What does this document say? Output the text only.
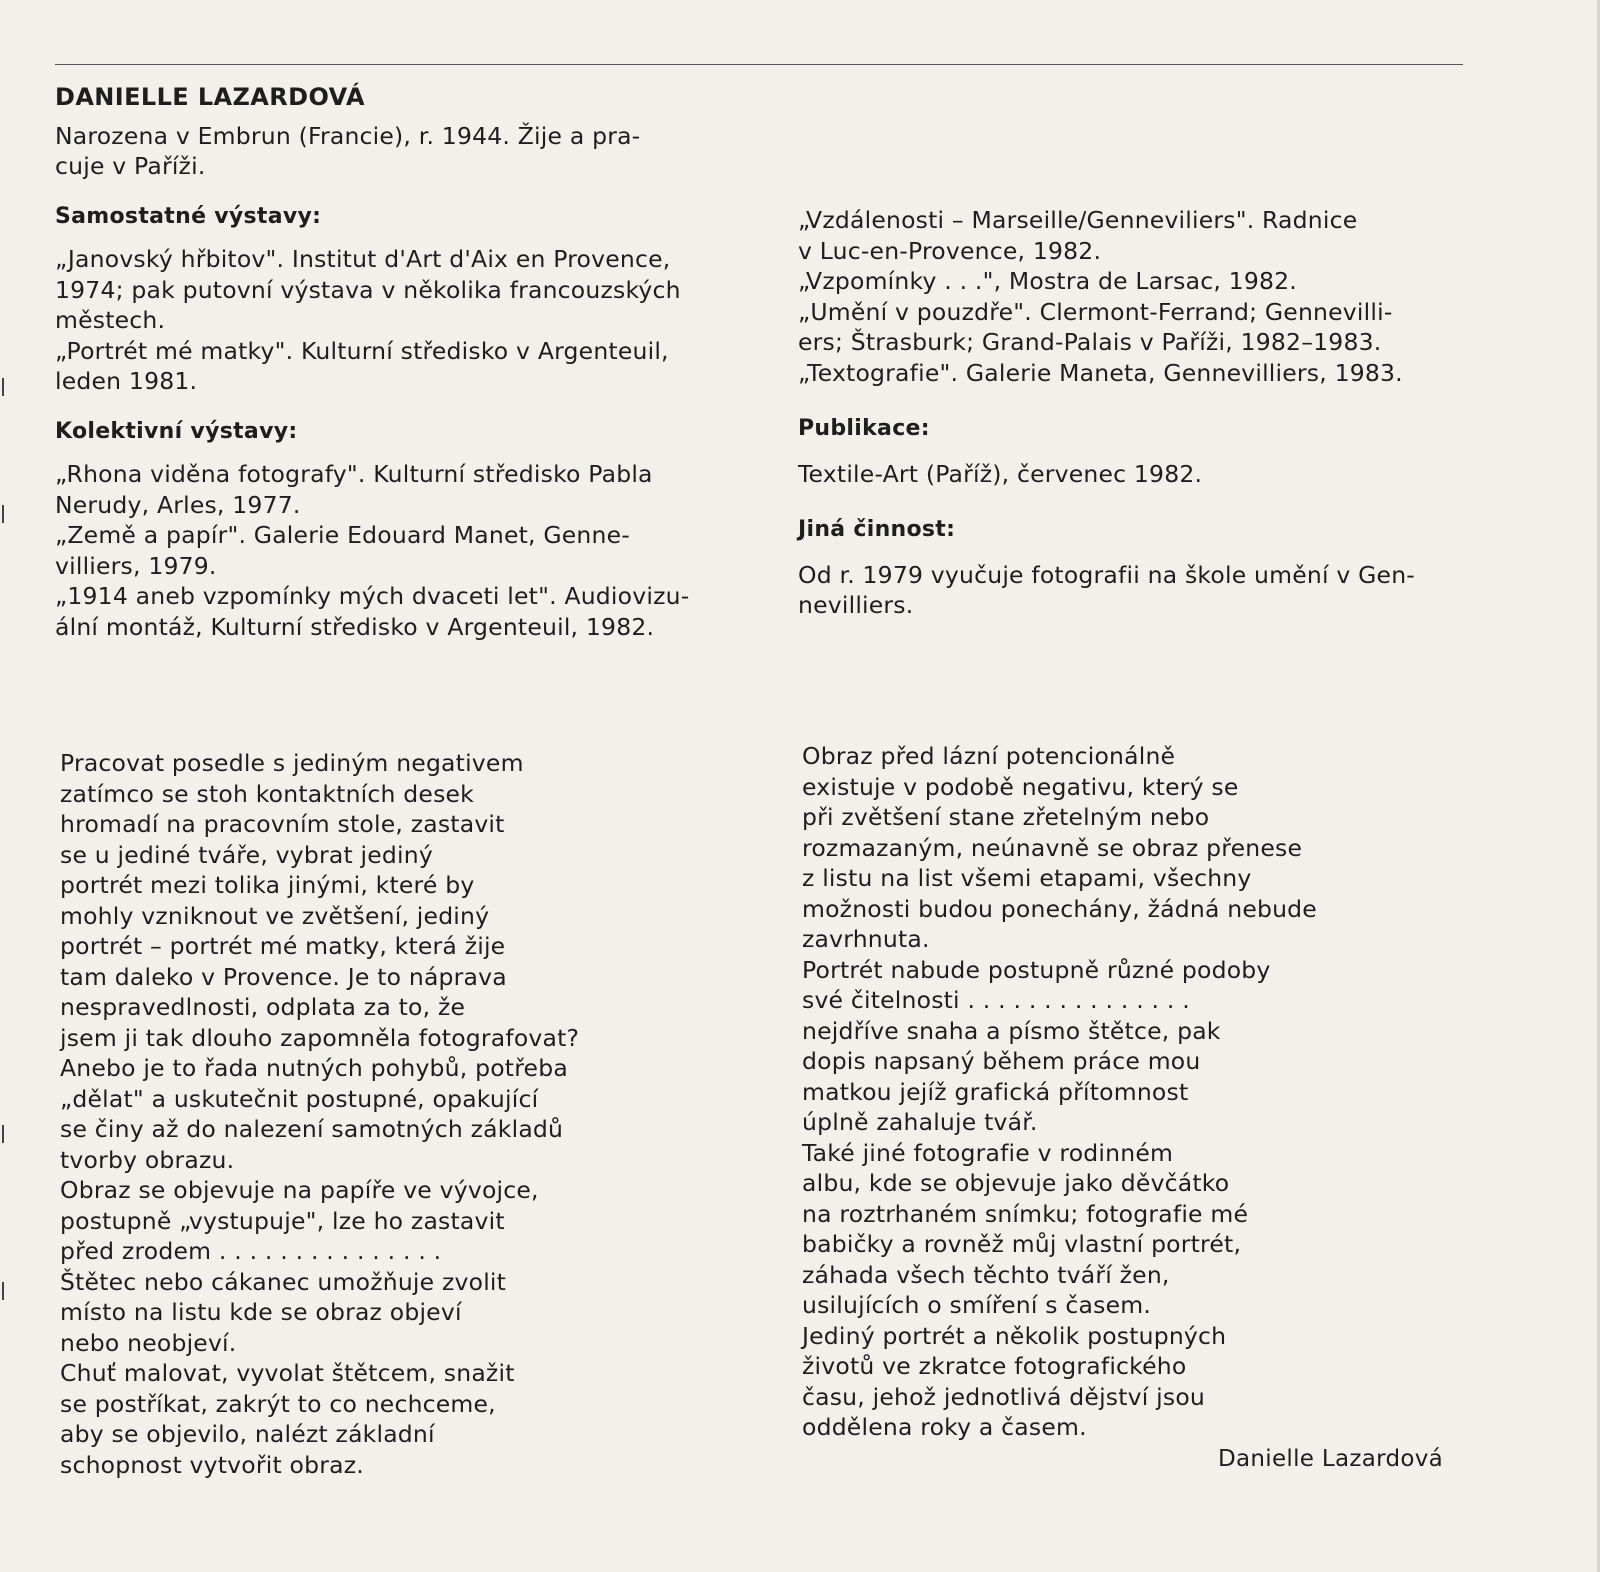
DANIELLE LAZARDOVÁ
Narozena v Embrun (Francie), r. 1944. Žije a pra-
cuje v Paříži.
Samostatné výstavy:
„Janovský hřbitov". Institut d'Art d'Aix en Provence,
1974; pak putovní výstava v několika francouzských
městech.
„Portrét mé matky". Kulturní středisko v Argenteuil,
leden 1981.
Kolektivní výstavy:
„Rhona viděna fotografy". Kulturní středisko Pabla
Nerudy, Arles, 1977.
„Země a papír". Galerie Edouard Manet, Genne-
villiers, 1979.
„1914 aneb vzpomínky mých dvaceti let". Audiovizu-
ální montáž, Kulturní středisko v Argenteuil, 1982.
„Vzdálenosti – Marseille/Genneviliers". Radnice
v Luc-en-Provence, 1982.
„Vzpomínky . . .", Mostra de Larsac, 1982.
„Umění v pouzdře". Clermont-Ferrand; Gennevilli-
ers; Štrasburk; Grand-Palais v Paříži, 1982–1983.
„Textografie". Galerie Maneta, Gennevilliers, 1983.
Publikace:
Textile-Art (Paříž), červenec 1982.
Jiná činnost:
Od r. 1979 vyučuje fotografii na škole umění v Gen-
nevilliers.
Pracovat posedle s jediným negativem
zatímco se stoh kontaktních desek
hromadí na pracovním stole, zastavit
se u jediné tváře, vybrat jediný
portrét mezi tolika jinými, které by
mohly vzniknout ve zvětšení, jediný
portrét – portrét mé matky, která žije
tam daleko v Provence. Je to náprava
nespravedlnosti, odplata za to, že
jsem ji tak dlouho zapomněla fotografovat?
Anebo je to řada nutných pohybů, potřeba
„dělat" a uskutečnit postupné, opakující
se činy až do nalezení samotných základů
tvorby obrazu.
Obraz se objevuje na papíře ve vývojce,
postupně „vystupuje", lze ho zastavit
před zrodem . . . . . . . . . . . . . . .
Štětec nebo cákanec umožňuje zvolit
místo na listu kde se obraz objeví
nebo neobjeví.
Chuť malovat, vyvolat štětcem, snažit
se postříkat, zakrýt to co nechceme,
aby se objevilo, nalézt základní
schopnost vytvořit obraz.
Obraz před lázní potencionálně
existuje v podobě negativu, který se
při zvětšení stane zřetelným nebo
rozmazaným, neúnavně se obraz přenese
z listu na list všemi etapami, všechny
možnosti budou ponechány, žádná nebude
zavrhnuta.
Portrét nabude postupně různé podoby
své čitelnosti . . . . . . . . . . . . . . .
nejdříve snaha a písmo štětce, pak
dopis napsaný během práce mou
matkou jejíž grafická přítomnost
úplně zahaluje tvář.
Také jiné fotografie v rodinném
albu, kde se objevuje jako děvčátko
na roztrhaném snímku; fotografie mé
babičky a rovněž můj vlastní portrét,
záhada všech těchto tváří žen,
usilujících o smíření s časem.
Jediný portrét a několik postupných
životů ve zkratce fotografického
času, jehož jednotlivá dějství jsou
oddělena roky a časem.
Danielle Lazardová
